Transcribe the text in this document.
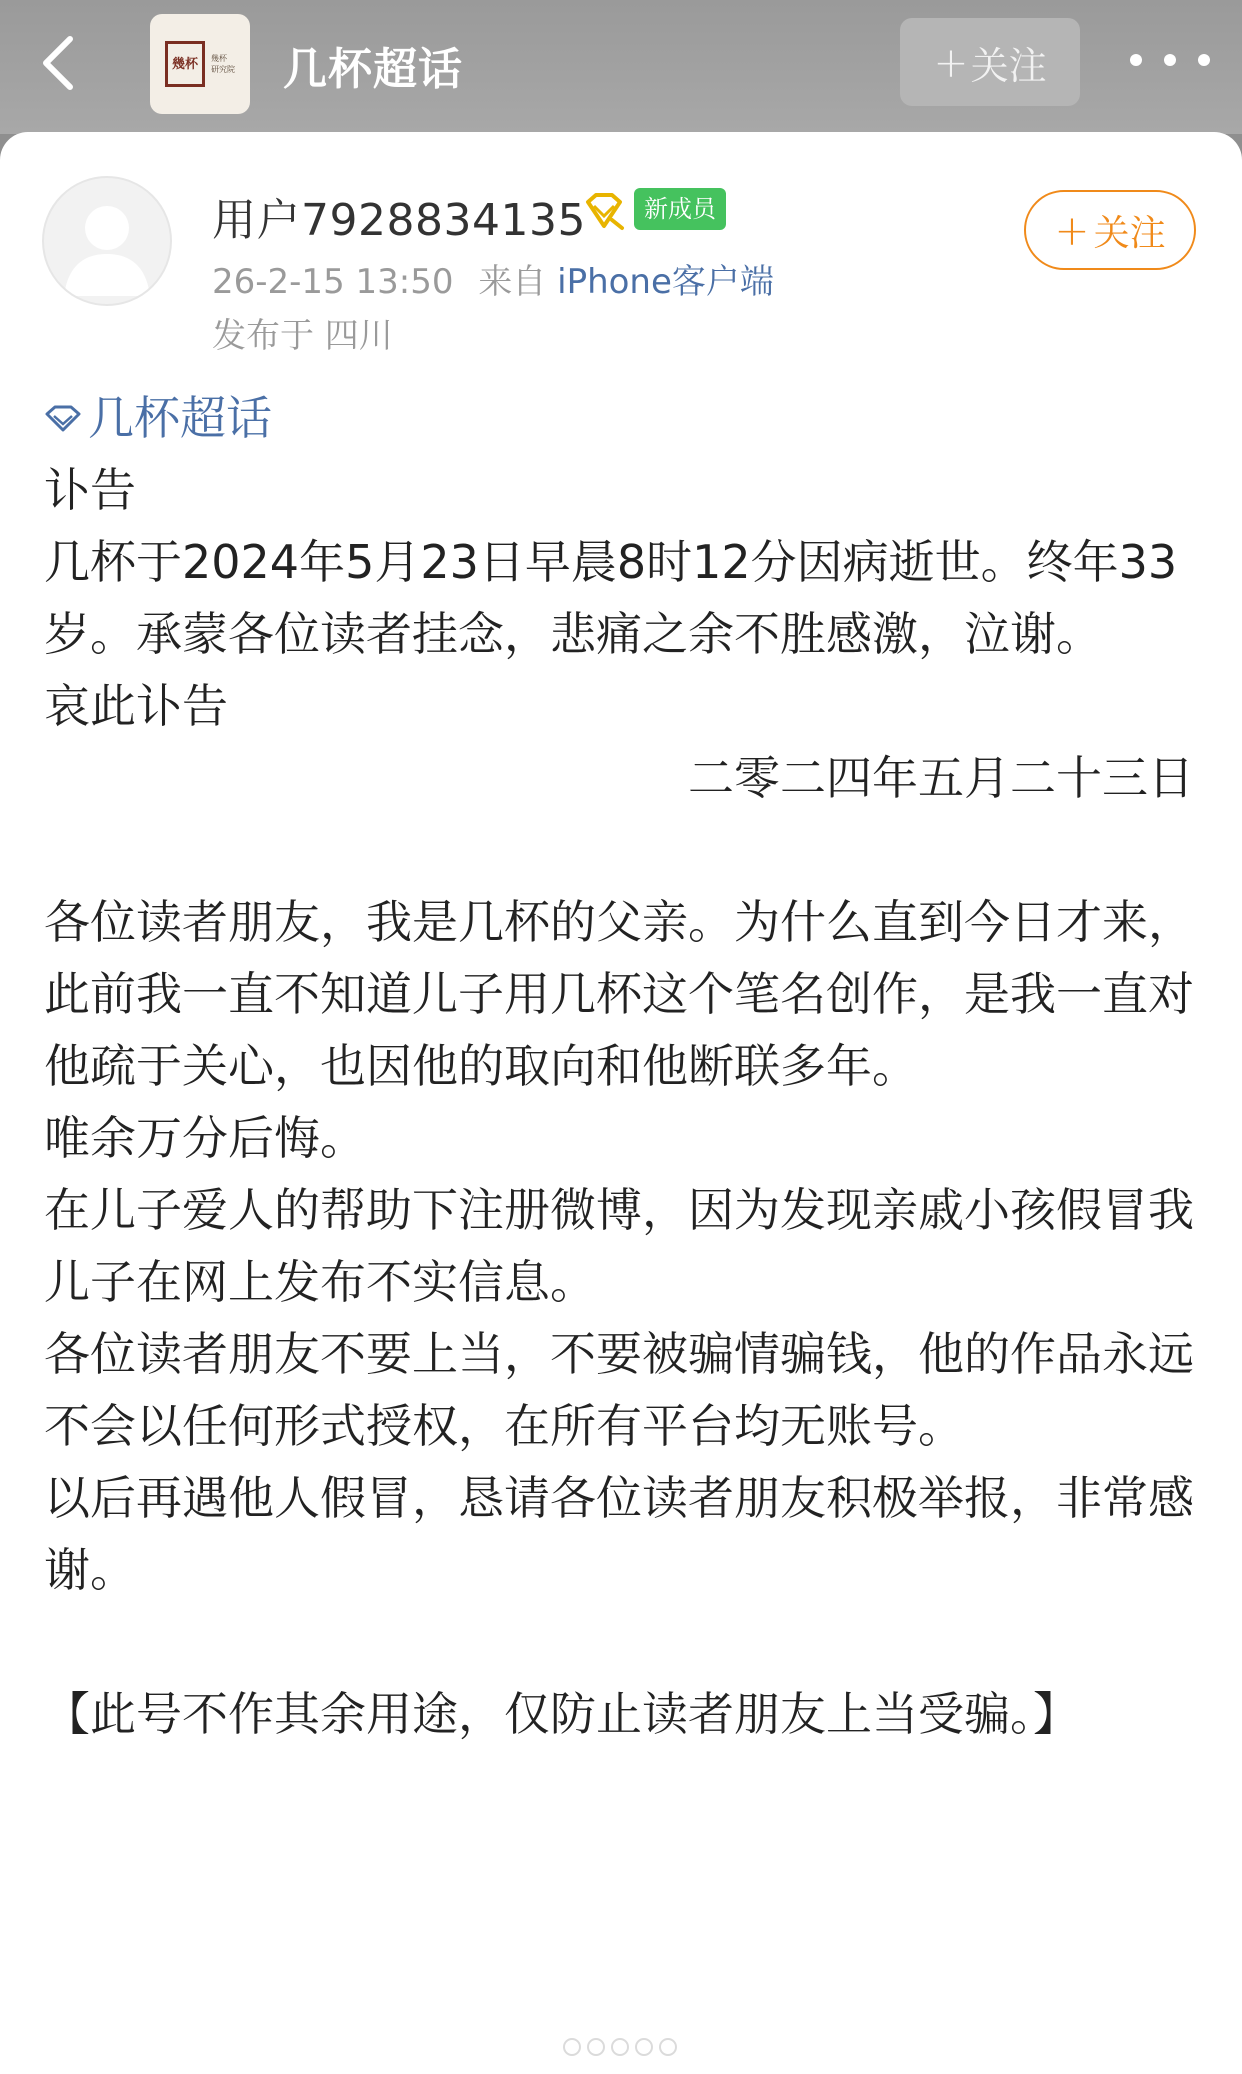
幾杯	幾杯
研究院 几杯超话	+ 关注
用户7928834135	新成员
26-2-15 13:50 来自 iPhone客户端
发布于 四川
+ 关注

几杯超话

讣告

几杯于2024年5月23日早晨8时12分因病逝世。终年33岁。承蒙各位读者挂念，悲痛之余不胜感激，泣谢。

哀此讣告

二零二四年五月二十三日

各位读者朋友，我是几杯的父亲。为什么直到今日才来，此前我一直不知道儿子用几杯这个笔名创作，是我一直对他疏于关心，也因他的取向和他断联多年。

唯余万分后悔。

在儿子爱人的帮助下注册微博，因为发现亲戚小孩假冒我儿子在网上发布不实信息。

各位读者朋友不要上当，不要被骗情骗钱，他的作品永远不会以任何形式授权，在所有平台均无账号。

以后再遇他人假冒，恳请各位读者朋友积极举报，非常感谢。

【此号不作其余用途，仅防止读者朋友上当受骗。】
